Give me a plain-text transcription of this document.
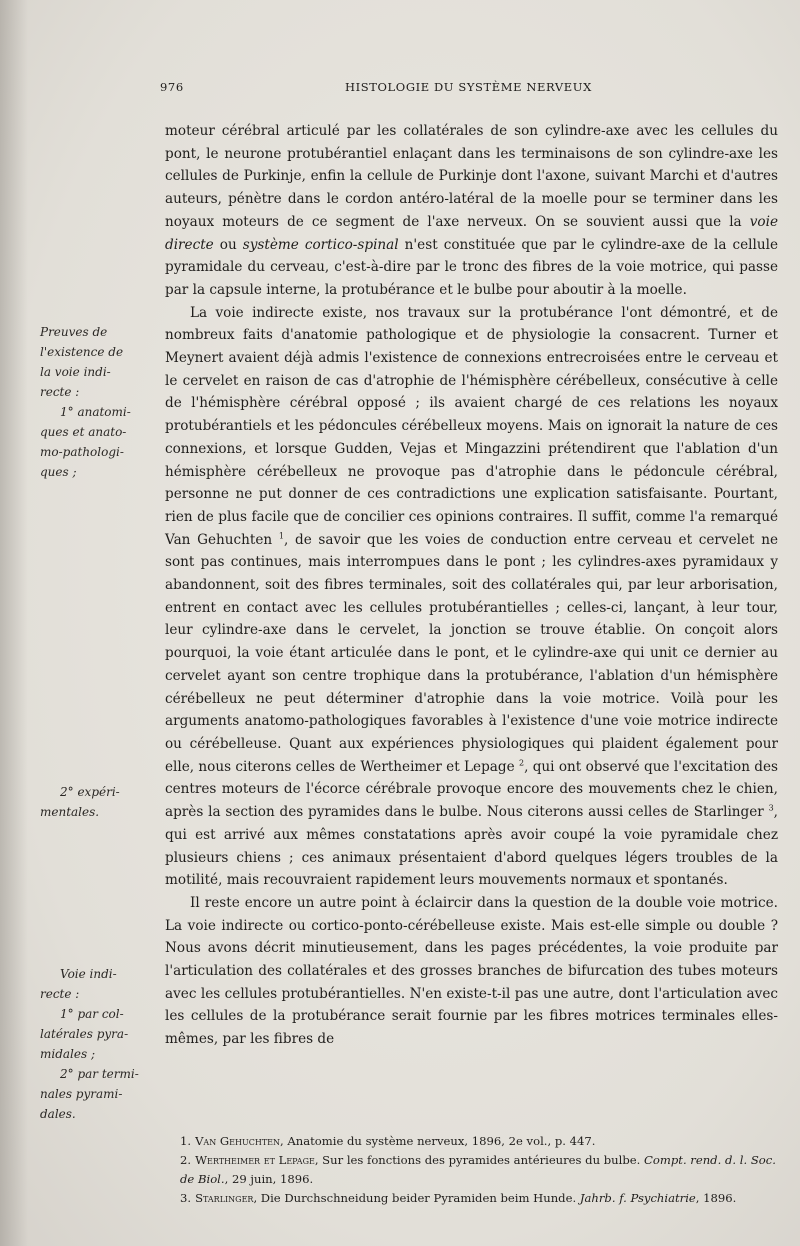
976	HISTOLOGIE DU SYSTÈME NERVEUX

moteur cérébral articulé par les collatérales de son cylindre-axe avec les cellules du pont, le neurone protubérantiel enlaçant dans les terminaisons de son cylindre-axe les cellules de Purkinje, enfin la cellule de Purkinje dont l'axone, suivant Marchi et d'autres auteurs, pénètre dans le cordon antéro-latéral de la moelle pour se terminer dans les noyaux moteurs de ce segment de l'axe nerveux. On se souvient aussi que la voie directe ou système cortico-spinal n'est constituée que par le cylindre-axe de la cellule pyramidale du cerveau, c'est-à-dire par le tronc des fibres de la voie motrice, qui passe par la capsule interne, la protubérance et le bulbe pour aboutir à la moelle.

La voie indirecte existe, nos travaux sur la protubérance l'ont démontré, et de nombreux faits d'anatomie pathologique et de physiologie la consacrent. Turner et Meynert avaient déjà admis l'existence de connexions entrecroisées entre le cerveau et le cervelet en raison de cas d'atrophie de l'hémisphère cérébelleux, consécutive à celle de l'hémisphère cérébral opposé ; ils avaient chargé de ces relations les noyaux protubérantiels et les pédoncules cérébelleux moyens. Mais on ignorait la nature de ces connexions, et lorsque Gudden, Vejas et Mingazzini prétendirent que l'ablation d'un hémisphère cérébelleux ne provoque pas d'atrophie dans le pédoncule cérébral, personne ne put donner de ces contradictions une explication satisfaisante. Pourtant, rien de plus facile que de concilier ces opinions contraires. Il suffit, comme l'a remarqué Van Gehuchten $^1$, de savoir que les voies de conduction entre cerveau et cervelet ne sont pas continues, mais interrompues dans le pont ; les cylindres-axes pyramidaux y abandonnent, soit des fibres terminales, soit des collatérales qui, par leur arborisation, entrent en contact avec les cellules protubérantielles ; celles-ci, lançant, à leur tour, leur cylindre-axe dans le cervelet, la jonction se trouve établie. On conçoit alors pourquoi, la voie étant articulée dans le pont, et le cylindre-axe qui unit ce dernier au cervelet ayant son centre trophique dans la protubérance, l'ablation d'un hémisphère cérébelleux ne peut déterminer d'atrophie dans la voie motrice. Voilà pour les arguments anatomo-pathologiques favorables à l'existence d'une voie motrice indirecte ou cérébelleuse. Quant aux expériences physiologiques qui plaident également pour elle, nous citerons celles de Wertheimer et Lepage $^2$, qui ont observé que l'excitation des centres moteurs de l'écorce cérébrale provoque encore des mouvements chez le chien, après la section des pyramides dans le bulbe. Nous citerons aussi celles de Starlinger $^3$, qui est arrivé aux mêmes constatations après avoir coupé la voie pyramidale chez plusieurs chiens ; ces animaux présentaient d'abord quelques légers troubles de la motilité, mais recouvraient rapidement leurs mouvements normaux et spontanés.

Il reste encore un autre point à éclaircir dans la question de la double voie motrice. La voie indirecte ou cortico-ponto-cérébelleuse existe. Mais est-elle simple ou double ? Nous avons décrit minutieusement, dans les pages précédentes, la voie produite par l'articulation des collatérales et des grosses branches de bifurcation des tubes moteurs avec les cellules protubérantielles. N'en existe-t-il pas une autre, dont l'articulation avec les cellules de la protubérance serait fournie par les fibres motrices terminales elles-mêmes, par les fibres de

Preuves de
l'existence de
la voie indi-
recte :
1° anatomi-
ques et anato-
mo-pathologi-
ques ;
2° expéri-
mentales.
Voie indi-
recte :
1° par col-
latérales pyra-
midales ;
2° par termi-
nales pyrami-
dales.
1. Van Gehuchten, Anatomie du système nerveux, 1896, 2e vol., p. 447.
2. Wertheimer et Lepage, Sur les fonctions des pyramides antérieures du bulbe. Compt. rend. d. l. Soc. de Biol., 29 juin, 1896.
3. Starlinger, Die Durchschneidung beider Pyramiden beim Hunde. Jahrb. f. Psychiatrie, 1896.
